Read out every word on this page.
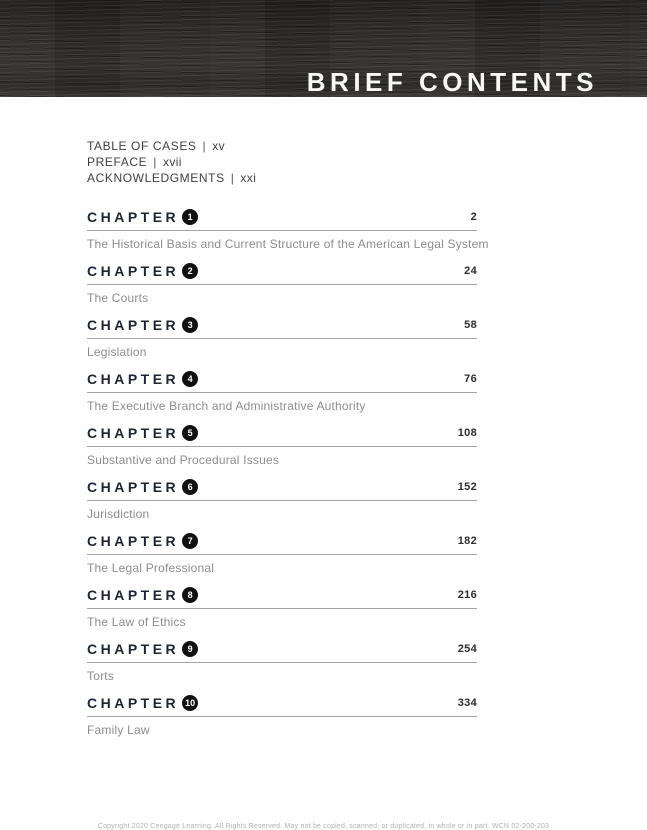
BRIEF CONTENTS
TABLE OF CASES | xv
PREFACE | xvii
ACKNOWLEDGMENTS | xxi
CHAPTER 1	2
The Historical Basis and Current Structure of the American Legal System
CHAPTER 2	24
The Courts
CHAPTER 3	58
Legislation
CHAPTER 4	76
The Executive Branch and Administrative Authority
CHAPTER 5	108
Substantive and Procedural Issues
CHAPTER 6	152
Jurisdiction
CHAPTER 7	182
The Legal Professional
CHAPTER 8	216
The Law of Ethics
CHAPTER 9	254
Torts
CHAPTER 10	334
Family Law
Copyright 2020 Cengage Learning. All Rights Reserved. May not be copied, scanned, or duplicated, in whole or in part. WCN 02-200-203
